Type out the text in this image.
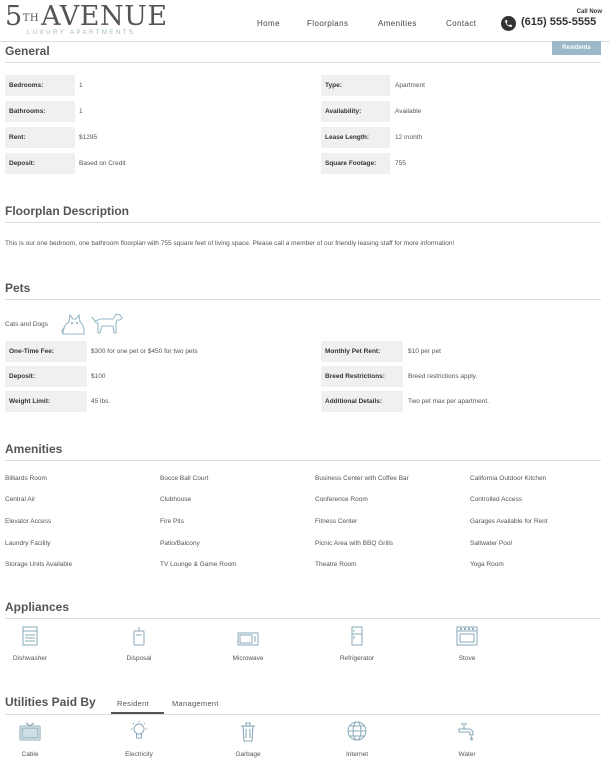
5THAVENUE
LUXURY APARTMENTS
Home	Floorplans	Amenities	Contact
Call Now
(615) 555-5555
Residents
General
Bedrooms:	1
Bathrooms:	1
Rent:	$1295
Deposit:	Based on Credit
Type:	Apartment
Availability:	Available
Lease Length:	12 month
Square Footage:	755
Floorplan Description
This is our one bedroom, one bathroom floorplan with 755 square feet of living space. Please call a member of our friendly leasing staff for more information!
Pets
Cats and Dogs
One-Time Fee:	$300 for one pet or $450 for two pets
Deposit:	$100
Weight Limit:	45 lbs.
Monthly Pet Rent:	$10 per pet
Breed Restrictions:	Breed restrictions apply.
Additional Details:	Two pet max per apartment.
Amenities
Billiards Room	Bocce Ball Court	Business Center with Coffee Bar	California Outdoor Kitchen
Central Air	Clubhouse	Conference Room	Controlled Access
Elevator Access	Fire Pits	Fitness Center	Garages Available for Rent
Laundry Facility	Patio/Balcony	Picnic Area with BBQ Grills	Saltwater Pool
Storage Units Available	TV Lounge & Game Room	Theatre Room	Yoga Room
Appliances
Dishwasher	Disposal	Microwave	Refrigerator	Stove
Utilities Paid By	Resident	Management
Cable	Electricity	Garbage	Internet	Water
